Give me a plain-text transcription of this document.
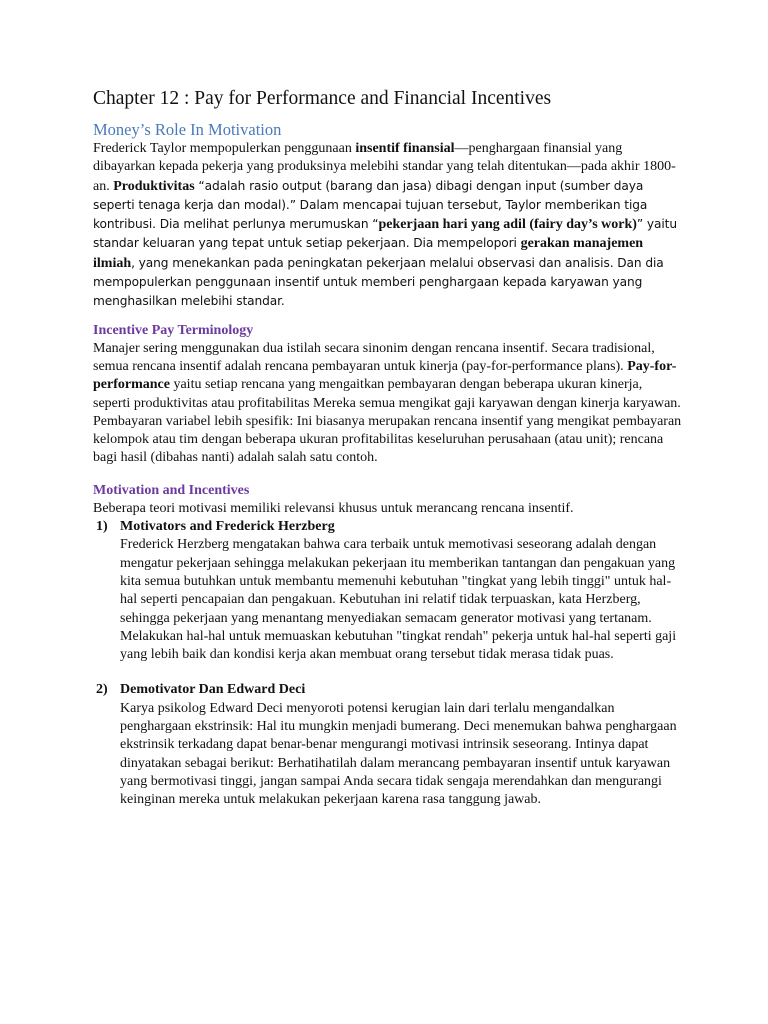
Chapter 12 : Pay for Performance and Financial Incentives
Money’s Role In Motivation

Frederick Taylor mempopulerkan penggunaan insentif finansial—penghargaan finansial yang dibayarkan kepada pekerja yang produksinya melebihi standar yang telah ditentukan—pada akhir 1800-an. Produktivitas “adalah rasio output (barang dan jasa) dibagi dengan input (sumber daya seperti tenaga kerja dan modal).” Dalam mencapai tujuan tersebut, Taylor memberikan tiga kontribusi. Dia melihat perlunya merumuskan “pekerjaan hari yang adil (fairy day’s work)” yaitu standar keluaran yang tepat untuk setiap pekerjaan. Dia mempelopori gerakan manajemen ilmiah, yang menekankan pada peningkatan pekerjaan melalui observasi dan analisis. Dan dia mempopulerkan penggunaan insentif untuk memberi penghargaan kepada karyawan yang menghasilkan melebihi standar.

Incentive Pay Terminology

Manajer sering menggunakan dua istilah secara sinonim dengan rencana insentif. Secara tradisional, semua rencana insentif adalah rencana pembayaran untuk kinerja (pay-for-performance plans). Pay-for-performance yaitu setiap rencana yang mengaitkan pembayaran dengan beberapa ukuran kinerja, seperti produktivitas atau profitabilitas Mereka semua mengikat gaji karyawan dengan kinerja karyawan. Pembayaran variabel lebih spesifik: Ini biasanya merupakan rencana insentif yang mengikat pembayaran kelompok atau tim dengan beberapa ukuran profitabilitas keseluruhan perusahaan (atau unit); rencana bagi hasil (dibahas nanti) adalah salah satu contoh.

Motivation and Incentives

Beberapa teori motivasi memiliki relevansi khusus untuk merancang rencana insentif.

1) Motivators and Frederick Herzberg

Frederick Herzberg mengatakan bahwa cara terbaik untuk memotivasi seseorang adalah dengan mengatur pekerjaan sehingga melakukan pekerjaan itu memberikan tantangan dan pengakuan yang kita semua butuhkan untuk membantu memenuhi kebutuhan "tingkat yang lebih tinggi" untuk hal-hal seperti pencapaian dan pengakuan. Kebutuhan ini relatif tidak terpuaskan, kata Herzberg, sehingga pekerjaan yang menantang menyediakan semacam generator motivasi yang tertanam. Melakukan hal-hal untuk memuaskan kebutuhan "tingkat rendah" pekerja untuk hal-hal seperti gaji yang lebih baik dan kondisi kerja akan membuat orang tersebut tidak merasa tidak puas.

2) Demotivator Dan Edward Deci

Karya psikolog Edward Deci menyoroti potensi kerugian lain dari terlalu mengandalkan penghargaan ekstrinsik: Hal itu mungkin menjadi bumerang. Deci menemukan bahwa penghargaan ekstrinsik terkadang dapat benar-benar mengurangi motivasi intrinsik seseorang. Intinya dapat dinyatakan sebagai berikut: Berhatihatilah dalam merancang pembayaran insentif untuk karyawan yang bermotivasi tinggi, jangan sampai Anda secara tidak sengaja merendahkan dan mengurangi keinginan mereka untuk melakukan pekerjaan karena rasa tanggung jawab.
